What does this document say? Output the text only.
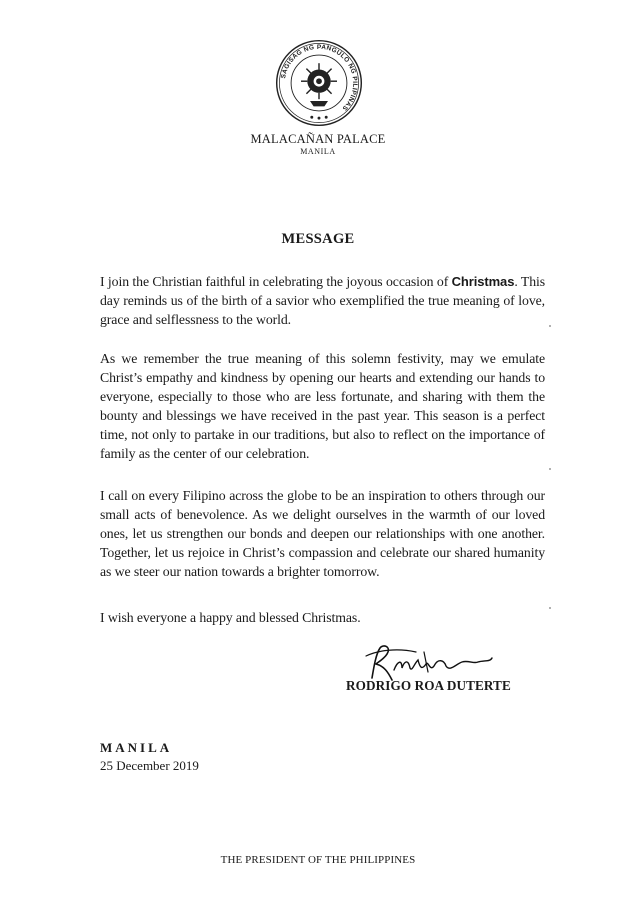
SAGISAG NG PANGULO NG PILIPINAS
MALACAÑAN PALACE
MANILA
MESSAGE
I join the Christian faithful in celebrating the joyous occasion of Christmas. This day reminds us of the birth of a savior who exemplified the true meaning of love, grace and selflessness to the world.
As we remember the true meaning of this solemn festivity, may we emulate Christ’s empathy and kindness by opening our hearts and extending our hands to everyone, especially to those who are less fortunate, and sharing with them the bounty and blessings we have received in the past year. This season is a perfect time, not only to partake in our traditions, but also to reflect on the importance of family as the center of our celebration.
I call on every Filipino across the globe to be an inspiration to others through our small acts of benevolence. As we delight ourselves in the warmth of our loved ones, let us strengthen our bonds and deepen our relationships with one another. Together, let us rejoice in Christ’s compassion and celebrate our shared humanity as we steer our nation towards a brighter tomorrow.
I wish everyone a happy and blessed Christmas.
RODRIGO ROA DUTERTE
MANILA
25 December 2019
THE PRESIDENT OF THE PHILIPPINES
